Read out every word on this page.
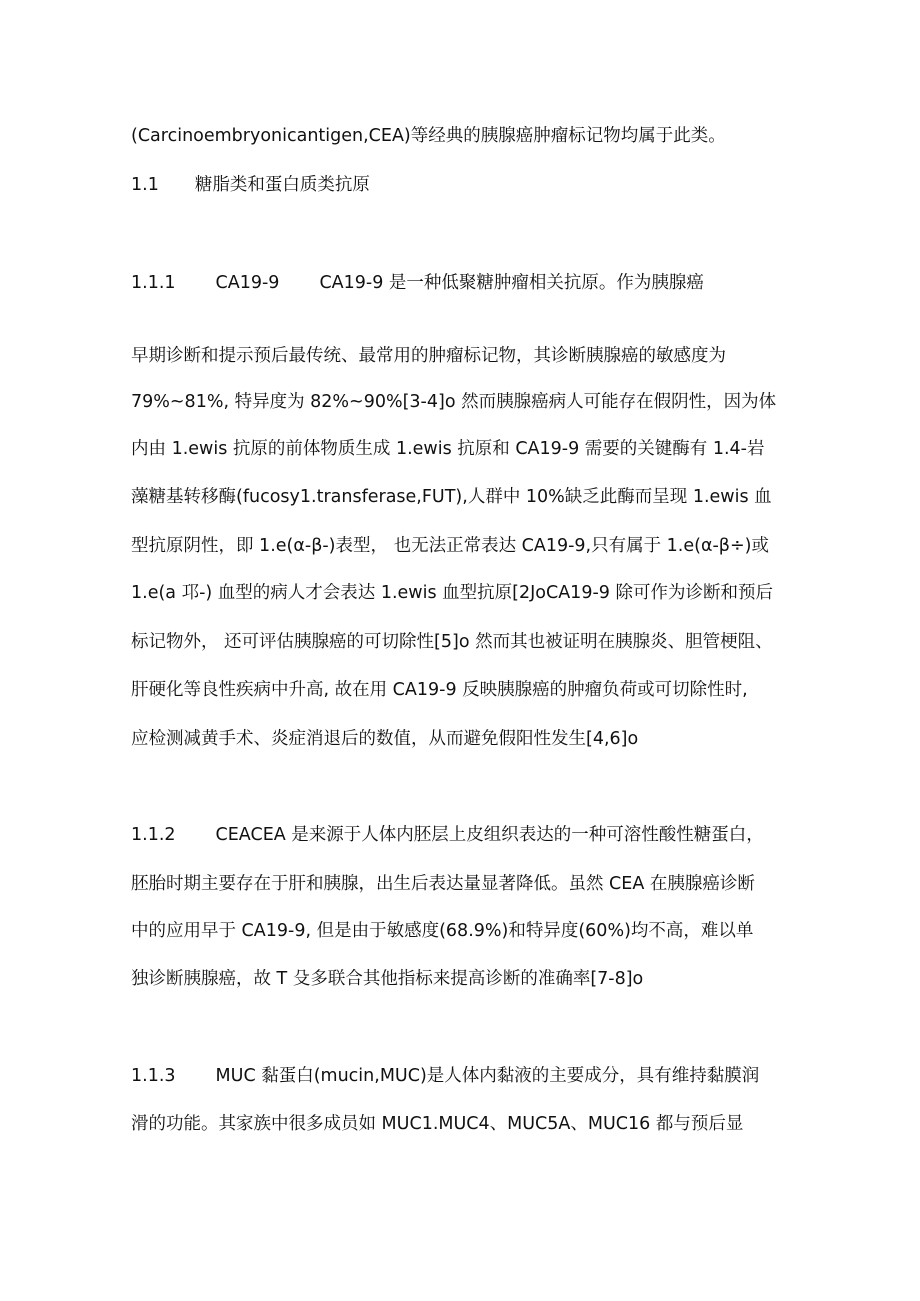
(Carcinoembryonicantigen,CEA)等经典的胰腺癌肿瘤标记物均属于此类。
1.1 糖脂类和蛋白质类抗原
1.1.1 CA19-9 CA19-9 是一种低聚糖肿瘤相关抗原。作为胰腺癌
早期诊断和提示预后最传统、最常用的肿瘤标记物，其诊断胰腺癌的敏感度为
79%~81%, 特异度为 82%~90%[3-4]o 然而胰腺癌病人可能存在假阴性，因为体
内由 1.ewis 抗原的前体物质生成 1.ewis 抗原和 CA19-9 需要的关键酶有 1.4-岩
藻糖基转移酶(fucosy1.transferase,FUT),人群中 10%缺乏此酶而呈现 1.ewis 血
型抗原阴性，即 1.e(α-β-)表型， 也无法正常表达 CA19-9,只有属于 1.e(α-β÷)或
1.e(a 邛-) 血型的病人才会表达 1.ewis 血型抗原[2JoCA19-9 除可作为诊断和预后
标记物外， 还可评估胰腺癌的可切除性[5]o 然而其也被证明在胰腺炎、胆管梗阻、
肝硬化等良性疾病中升高, 故在用 CA19-9 反映胰腺癌的肿瘤负荷或可切除性时,
应检测减黄手术、炎症消退后的数值，从而避免假阳性发生[4,6]o
1.1.2 CEACEA 是来源于人体内胚层上皮组织表达的一种可溶性酸性糖蛋白，
胚胎时期主要存在于肝和胰腺，出生后表达量显著降低。虽然 CEA 在胰腺癌诊断
中的应用早于 CA19-9, 但是由于敏感度(68.9%)和特异度(60%)均不高，难以单
独诊断胰腺癌，故 T 殳多联合其他指标来提高诊断的准确率[7-8]o
1.1.3 MUC 黏蛋白(mucin,MUC)是人体内黏液的主要成分，具有维持黏膜润
滑的功能。其家族中很多成员如 MUC1.MUC4、MUC5A、MUC16 都与预后显
